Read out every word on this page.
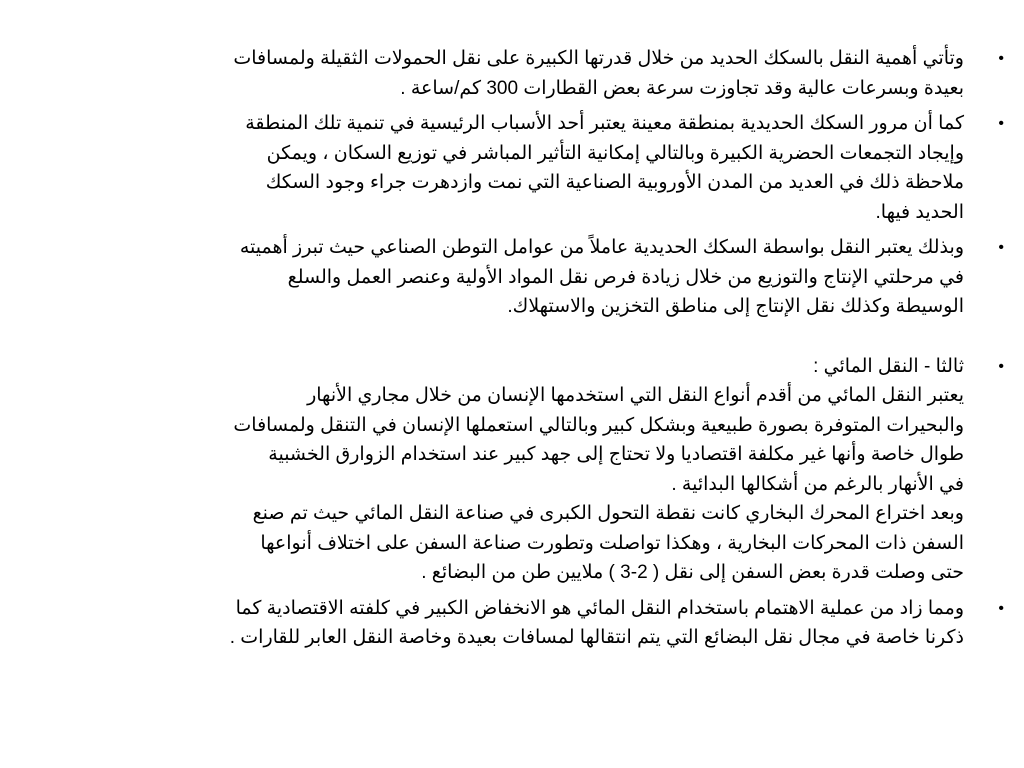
•
وتأتي أهمية النقل بالسكك الحديد من خلال قدرتها الكبيرة على نقل الحمولات الثقيلة ولمسافات
بعيدة وبسرعات عالية وقد تجاوزت سرعة بعض القطارات 300 كم/ساعة .
•
كما أن مرور السكك الحديدية بمنطقة معينة يعتبر أحد الأسباب الرئيسية في تنمية تلك المنطقة
وإيجاد التجمعات الحضرية الكبيرة وبالتالي إمكانية التأثير المباشر في توزيع السكان ، ويمكن
ملاحظة ذلك في العديد من المدن الأوروبية الصناعية التي نمت وازدهرت جراء وجود السكك
الحديد فيها.
•
وبذلك يعتبر النقل بواسطة السكك الحديدية عاملاً من عوامل التوطن الصناعي حيث تبرز أهميته
في مرحلتي الإنتاج والتوزيع من خلال زيادة فرص نقل المواد الأولية وعنصر العمل والسلع
الوسيطة وكذلك نقل الإنتاج إلى مناطق التخزين والاستهلاك.
•
ثالثا - النقل المائي :
يعتبر النقل المائي من أقدم أنواع النقل التي استخدمها الإنسان من خلال مجاري الأنهار
والبحيرات المتوفرة بصورة طبيعية وبشكل كبير وبالتالي استعملها الإنسان في التنقل ولمسافات
طوال خاصة وأنها غير مكلفة اقتصاديا ولا تحتاج إلى جهد كبير عند استخدام الزوارق الخشبية
في الأنهار بالرغم من أشكالها البدائية .
وبعد اختراع المحرك البخاري كانت نقطة التحول الكبرى في صناعة النقل المائي حيث تم صنع
السفن ذات المحركات البخارية ، وهكذا تواصلت وتطورت صناعة السفن على اختلاف أنواعها
حتى وصلت قدرة بعض السفن إلى نقل ( 2-3 ) ملايين طن من البضائع .
•
ومما زاد من عملية الاهتمام باستخدام النقل المائي هو الانخفاض الكبير في كلفته الاقتصادية كما
ذكرنا خاصة في مجال نقل البضائع التي يتم انتقالها لمسافات بعيدة وخاصة النقل العابر للقارات .
